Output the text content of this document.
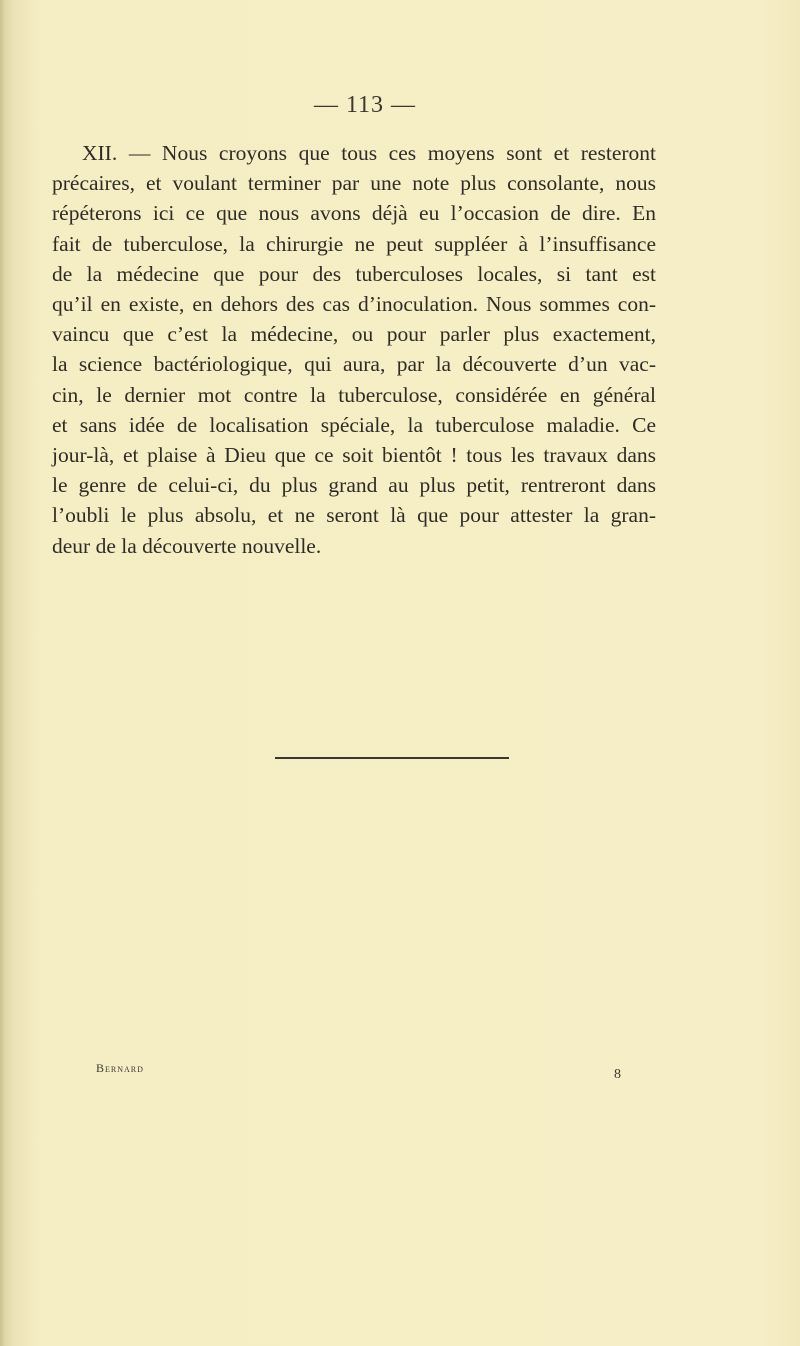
— 113 —
XII. — Nous croyons que tous ces moyens sont et resteront
précaires, et voulant terminer par une note plus consolante, nous
répéterons ici ce que nous avons déjà eu l’occasion de dire. En
fait de tuberculose, la chirurgie ne peut suppléer à l’insuffisance
de la médecine que pour des tuberculoses locales, si tant est
qu’il en existe, en dehors des cas d’inoculation. Nous sommes con-
vaincu que c’est la médecine, ou pour parler plus exactement,
la science bactériologique, qui aura, par la découverte d’un vac-
cin, le dernier mot contre la tuberculose, considérée en général
et sans idée de localisation spéciale, la tuberculose maladie. Ce
jour-là, et plaise à Dieu que ce soit bientôt ! tous les travaux dans
le genre de celui-ci, du plus grand au plus petit, rentreront dans
l’oubli le plus absolu, et ne seront là que pour attester la gran-
deur de la découverte nouvelle.
Bernard	8
